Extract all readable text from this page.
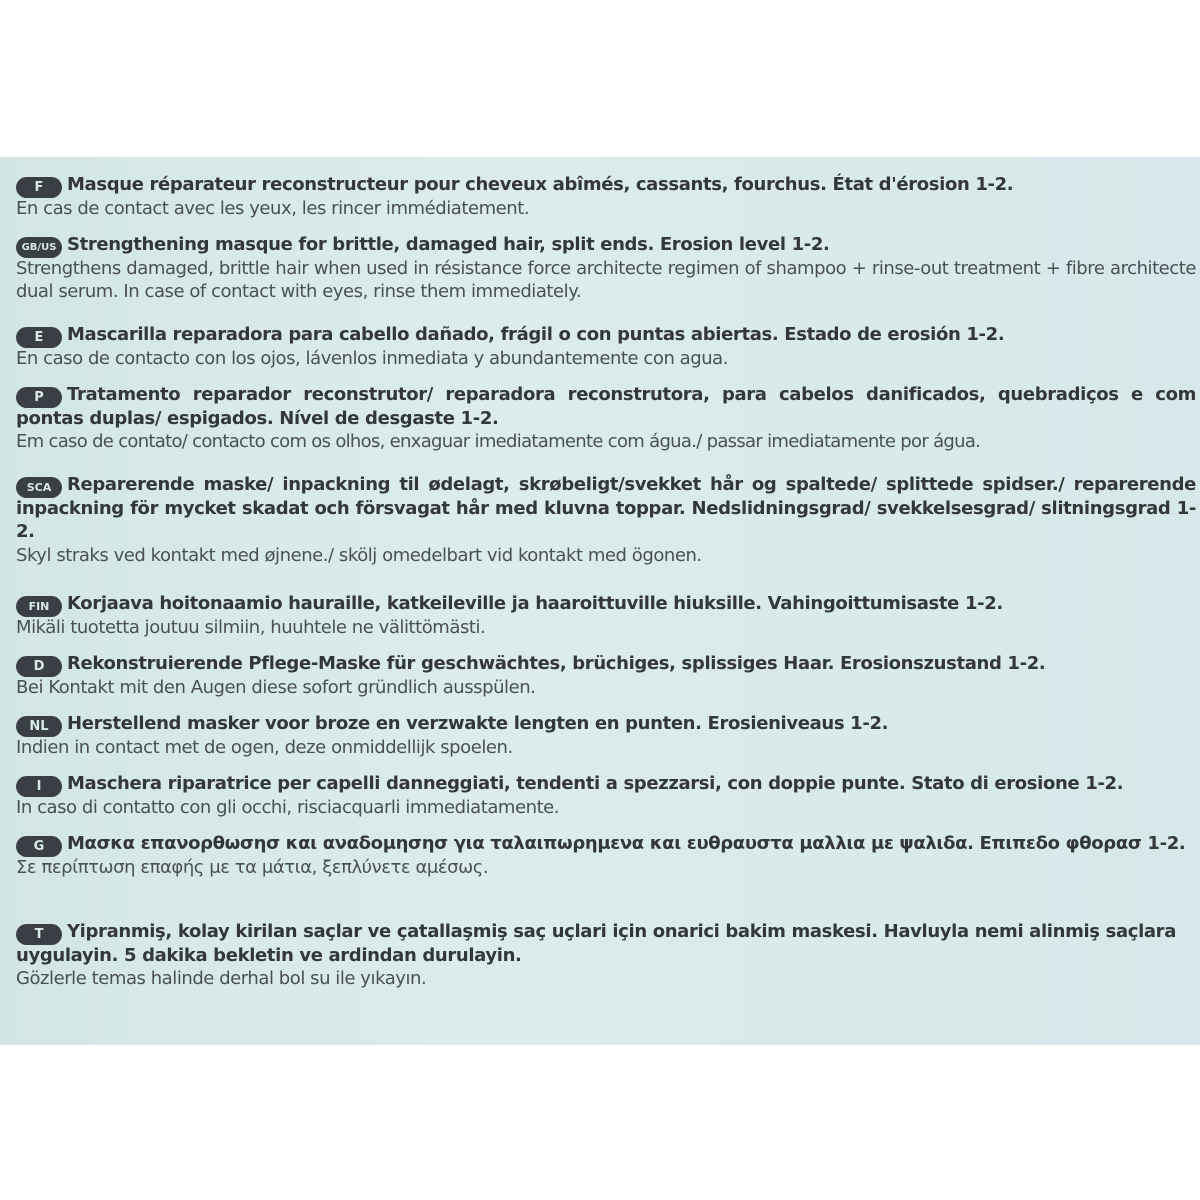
F	Masque réparateur reconstructeur pour cheveux abîmés, cassants, fourchus. État d'érosion 1-2.

En cas de contact avec les yeux, les rincer immédiatement.

GB/US Strengthening masque for brittle, damaged hair, split ends. Erosion level 1-2.

Strengthens damaged, brittle hair when used in résistance force architecte regimen of shampoo + rinse-out treatment + fibre architecte dual serum. In case of contact with eyes, rinse them immediately.

E	Mascarilla reparadora para cabello dañado, frágil o con puntas abiertas. Estado de erosión 1-2.

En caso de contacto con los ojos, lávenlos inmediata y abundantemente con agua.

P	Tratamento reparador reconstrutor/ reparadora reconstrutora, para cabelos danificados, quebradiços e com pontas duplas/ espigados. Nível de desgaste 1-2.

Em caso de contato/ contacto com os olhos, enxaguar imediatamente com água./ passar imediatamente por água.

SCA Reparerende maske/ inpackning til ødelagt, skrøbeligt/svekket hår og spaltede/ splittede spidser./ reparerende inpackning för mycket skadat och försvagat hår med kluvna toppar. Nedslidningsgrad/ svekkelsesgrad/ slitningsgrad 1-2.

Skyl straks ved kontakt med øjnene./ skölj omedelbart vid kontakt med ögonen.

FIN Korjaava hoitonaamio hauraille, katkeileville ja haaroittuville hiuksille. Vahingoittumisaste 1-2.

Mikäli tuotetta joutuu silmiin, huuhtele ne välittömästi.

D	Rekonstruierende Pflege-Maske für geschwächtes, brüchiges, splissiges Haar. Erosionszustand 1-2.

Bei Kontakt mit den Augen diese sofort gründlich ausspülen.

NL	Herstellend masker voor broze en verzwakte lengten en punten. Erosieniveaus 1-2.

Indien in contact met de ogen, deze onmiddellijk spoelen.

I	Maschera riparatrice per capelli danneggiati, tendenti a spezzarsi, con doppie punte. Stato di erosione 1-2.

In caso di contatto con gli occhi, risciacquarli immediatamente.

G	Μασκα επανορθωσησ και αναδομησησ για ταλαιπωρημενα και ευθραυστα μαλλια με ψαλιδα. Επιπεδο φθορασ 1-2.

Σε περίπτωση επαφής με τα μάτια, ξεπλύνετε αμέσως.

T	Yipranmiş, kolay kirilan saçlar ve çatallaşmiş saç uçlari için onarici bakim maskesi. Havluyla nemi alinmiş saçlara uygulayin. 5 dakika bekletin ve ardindan durulayin.

Gözlerle temas halinde derhal bol su ile yıkayın.
